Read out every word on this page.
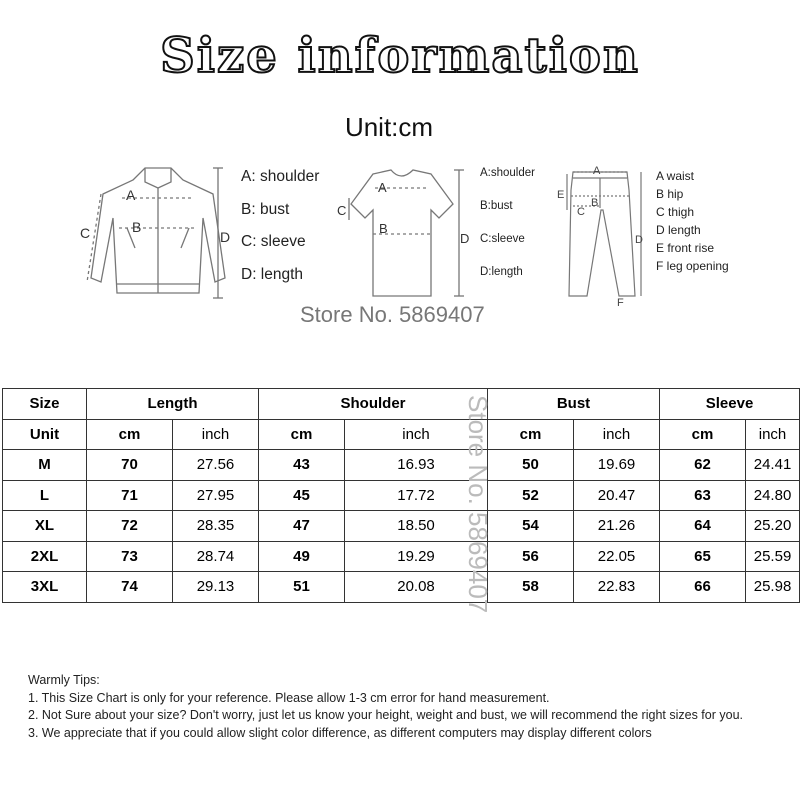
Size information
Unit:cm
A
B
C	D
A: shoulder
B: bust
C: sleeve
D: length
A
B
C
D
A:shoulder
B:bust
C:sleeve
D:length
A
B
C
D
E
F
A waist
B hip
C thigh
D length
E front rise
F leg opening
Store No. 5869407
Size	Length		Shoulder		Bust		Sleeve	
Unit	cm	inch	cm	inch	cm	inch	cm	inch
M	70	27.56	43	16.93	50	19.69	62	24.41
L	71	27.95	45	17.72	52	20.47	63	24.80
XL	72	28.35	47	18.50	54	21.26	64	25.20
2XL	73	28.74	49	19.29	56	22.05	65	25.59
3XL	74	29.13	51	20.08	58	22.83	66	25.98
Store No. 5869407
Warmly Tips:
1. This Size Chart is only for your reference. Please allow 1-3 cm error for hand measurement.
2. Not Sure about your size? Don't worry, just let us know your height, weight and bust, we will recommend the right sizes for you.
3. We appreciate that if you could allow slight color difference, as different computers may display different colors
